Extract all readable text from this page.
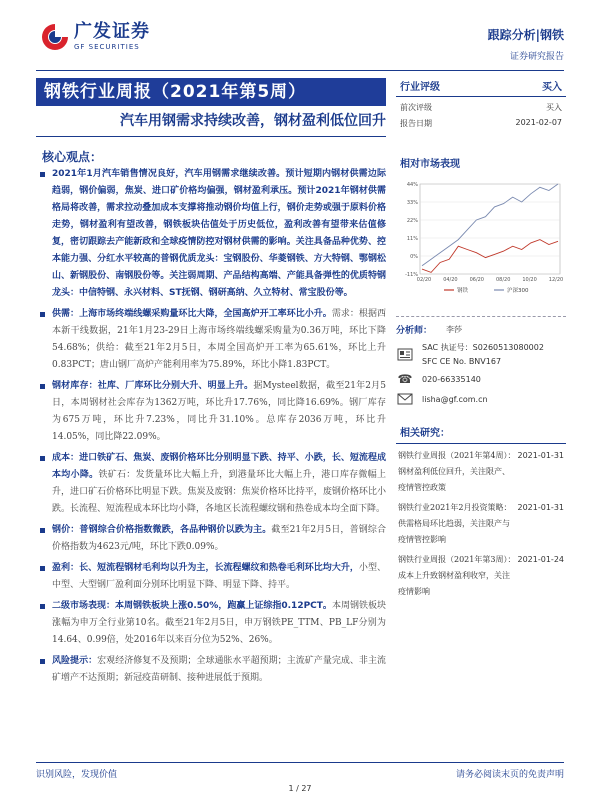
广发证券
GF SECURITIES
跟踪分析|钢铁
证券研究报告
钢铁行业周报（2021年第5周）
汽车用钢需求持续改善，钢材盈利低位回升
核心观点：
2021年1月汽车销售情况良好，汽车用钢需求继续改善。预计短期内钢材供需边际趋弱，钢价偏弱，焦炭、进口矿价格均偏强，钢材盈利承压。预计2021年钢材供需格局将改善，需求拉动叠加成本支撑将推动钢价均值上行，钢价走势或强于原料价格走势，钢材盈利有望改善，钢铁板块估值处于历史低位，盈利改善有望带来估值修复，密切跟踪去产能新政和全球疫情防控对钢材供需的影响。关注具备品种优势、控本能力强、分红水平较高的普钢优质龙头：宝钢股份、华菱钢铁、方大特钢、鄂钢松山、新钢股份、南钢股份等。关注弱周期、产品结构高端、产能具备弹性的优质特钢龙头：中信特钢、永兴材料、ST抚钢、钢研高纳、久立特材、常宝股份等。
供需：上海市场终端线螺采购量环比大降，全国高炉开工率环比小升。需求：根据西本新干线数据，21年1月23-29日上海市场终端线螺采购量为0.36万吨，环比下降54.68%；供给：截至21年2月5日，本周全国高炉开工率为65.61%，环比上升0.83PCT；唐山钢厂高炉产能利用率为75.89%，环比小降1.83PCT。
钢材库存：社库、厂库环比分别大升、明显上升。据Mysteel数据，截至21年2月5日，本周钢材社会库存为1362万吨，环比升17.76%，同比降16.69%。钢厂库存为675万吨，环比升7.23%，同比升31.10%。总库存2036万吨，环比升14.05%，同比降22.09%。
成本：进口铁矿石、焦炭、废钢价格环比分别明显下跌、持平、小跌，长、短流程成本均小降。铁矿石：发货量环比大幅上升，到港量环比大幅上升，港口库存微幅上升，进口矿石价格环比明显下跌。焦炭及废钢：焦炭价格环比持平，废钢价格环比小跌。长流程、短流程成本环比均小降，各地区长流程螺纹钢和热卷成本均全面下降。
钢价：普钢综合价格指数微跌，各品种钢价以跌为主。截至21年2月5日，普钢综合价格指数为4623元/吨，环比下跌0.09%。
盈利：长、短流程钢材毛利均以升为主，长流程螺纹和热卷毛利环比均大升，小型、中型、大型钢厂盈利面分别环比明显下降、明显下降、持平。
二级市场表现：本周钢铁板块上涨0.50%，跑赢上证综指0.12PCT。本周钢铁板块涨幅为申万全行业第10名。截至21年2月5日，申万钢铁PE_TTM、PB_LF分别为14.64、0.99倍，处2016年以来百分位为52%、26%。
风险提示：宏观经济修复不及预期；全球通胀水平超预期；主流矿产量完成、非主流矿增产不达预期；新冠疫苗研制、接种进展低于预期。
行业评级	买入
前次评级	买入
报告日期	2021-02-07
相对市场表现
-11%
0%
11%
22%
33%
44%
02/20 04/20 06/20 08/20 10/20 12/20
钢铁	沪深300
分析师：	李莎
SAC 执证号：S0260513080002
SFC CE No. BNV167
☎ 020-66335140
lisha@gf.com.cn
相关研究：
钢铁行业周报（2021年第4周）：钢材盈利低位回升，关注限产、疫情管控政策
2021-01-31
钢铁行业2021年2月投资策略：供需格局环比趋弱，关注限产与疫情管控影响
2021-01-31
钢铁行业周报（2021年第3周）：成本上升致钢材盈利收窄，关注疫情影响
2021-01-24
识别风险，发现价值	请务必阅读末页的免责声明
1 / 27
